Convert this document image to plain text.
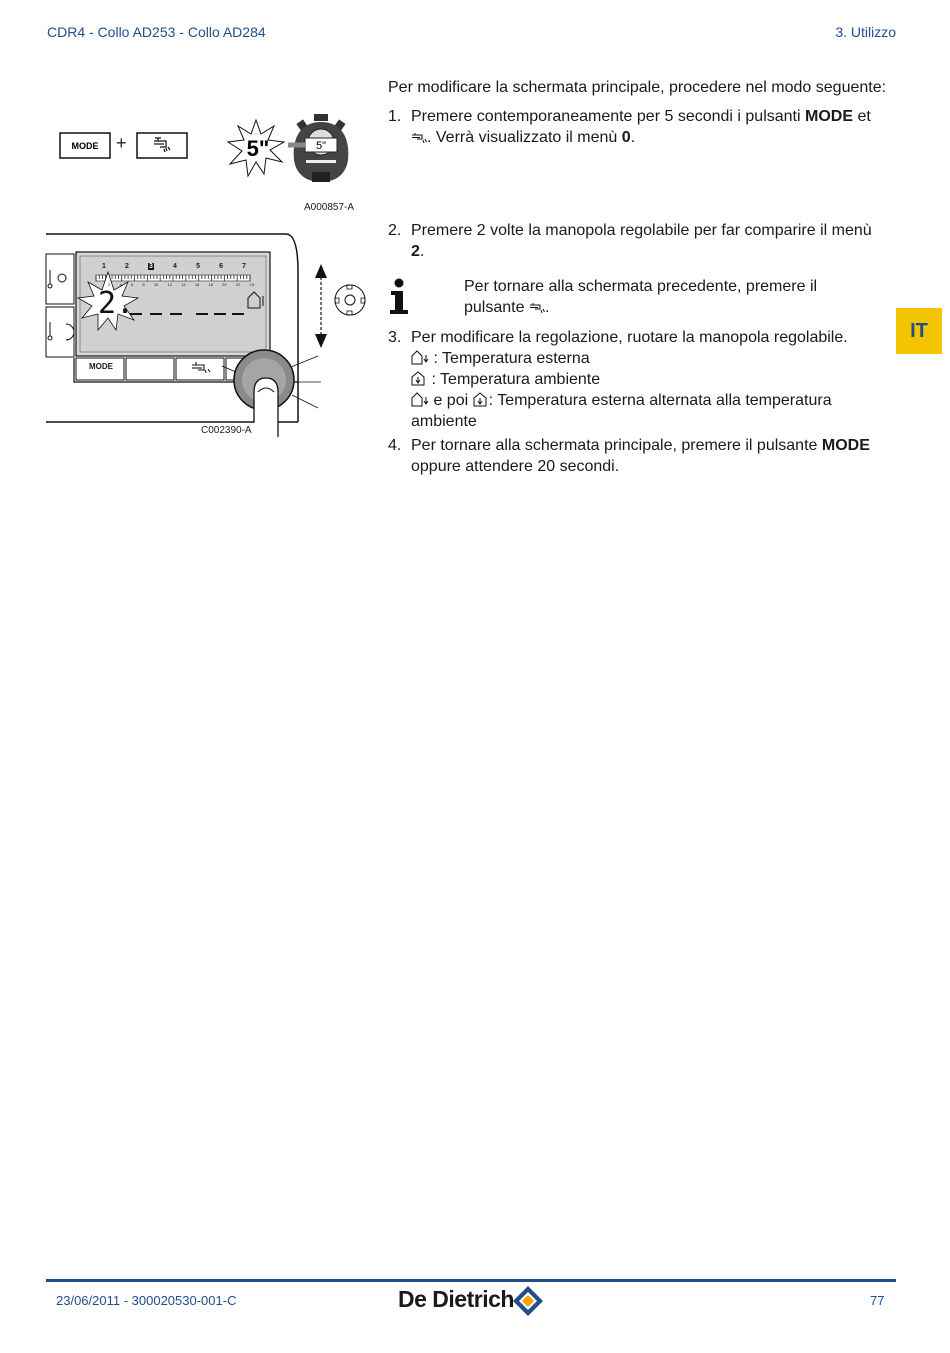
CDR4 - Collo AD253 - Collo AD284	3. Utilizzo
IT
MODE +	5"	5"
A000857-A
1	2	3	4	5	6	7
2 4 6 8 10 12 14 16 18 20 22 24
2.
MODE
C002390-A
Per modificare la schermata principale, procedere nel modo seguente:
1. Premere contemporaneamente per 5 secondi i pulsanti MODE et
. Verrà visualizzato il menù 0.
2. Premere 2 volte la manopola regolabile per far comparire il menù
2.
Per tornare alla schermata precedente, premere il
pulsante .
3. Per modificare la regolazione, ruotare la manopola regolabile.
: Temperatura esterna
: Temperatura ambiente
e poi : Temperatura esterna alternata alla temperatura
ambiente
4. Per tornare alla schermata principale, premere il pulsante MODE
oppure attendere 20 secondi.
23/06/2011 - 300020530-001-C	De Dietrich	77
